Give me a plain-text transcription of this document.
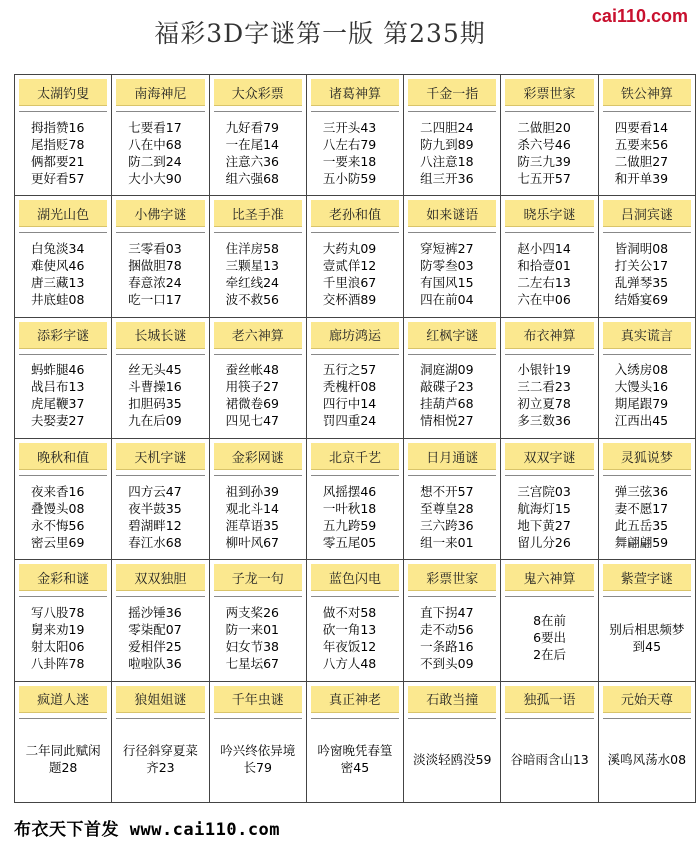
福彩3D字谜第一版 第235期
cai110.com
太湖钓叟
拇指赞16
尾指贬78
俩都要21
更好看57
南海神尼
七要看17
八在中68
防二到24
大小大90
大众彩票
九好看79
一在尾14
注意六36
组六强68
诸葛神算
三开头43
八左右79
一要来18
五小防59
千金一指
二四胆24
防九到89
八注意18
组三开36
彩票世家
二做胆20
杀六号46
防三九39
七五开57
铁公神算
四要看14
五要来56
二做胆27
和开单39
湖光山色
白兔淡34
难使风46
唐三藏13
井底蛙08
小佛字谜
三零看03
捆做胆78
春意浓24
吃一口17
比圣手准
住洋房58
三颗星13
牵红线24
波不救56
老孙和值
大药丸09
壹贰佯12
千里浪67
交杯酒89
如来谜语
穿短裤27
防零叁03
有国风15
四在前04
晓乐字谜
赵小四14
和拾壹01
二左右13
六在中06
吕洞宾谜
皆洞明08
打关公17
乱弹琴35
结婚宴69
添彩字谜
蚂蚱腿46
战吕布13
虎尾鞭37
夫娶妻27
长城长谜
丝无头45
斗曹操16
扣胆码35
九在后09
老六神算
蚕丝帐48
用筷子27
裙微卷69
四见七47
廊坊鸿运
五行之57
秃槐杆08
四行中14
罚四重24
红枫字谜
洞庭湖09
敲碟子23
挂葫芦68
情相悦27
布衣神算
小银针19
三二看23
初立夏78
多三数36
真实谎言
入绣房08
大馒头16
期尾跟79
江西出45
晚秋和值
夜来香16
叠馒头08
永不悔56
密云里69
天机字谜
四方云47
夜半鼓35
碧湖畔12
春江水68
金彩网谜
祖到孙39
观北斗14
涯草语35
柳叶风67
北京千艺
风摇摆46
一叶秋18
五九跨59
零五尾05
日月通谜
想不开57
至尊皇28
三六跨36
组一来01
双双字谜
三宫院03
航海灯15
地下黄27
留儿分26
灵狐说梦
弹三弦36
妻不愿17
此五岳35
舞翩翩59
金彩和谜
写八股78
舅来劝19
射太阳06
八卦阵78
双双独胆
摇沙锤36
零柒配07
爱相伴25
啦啦队36
子龙一句
两支桨26
防一来01
妇女节38
七星坛67
蓝色闪电
做不对58
砍一角13
年夜饭12
八方人48
彩票世家
直下拐47
走不动56
一条路16
不到头09
鬼六神算
8在前
6要出
2在后
紫萱字谜
别后相思频梦
到45
疯道人迷
二年同此赋闲
题28
狼姐姐谜
行径斜穿夏菜
齐23
千年虫谜
吟兴终依异境
长79
真正神老
吟窗晚凭春篁
密45
石敢当撞
淡淡轻鸥没59
独孤一语
谷暗雨含山13
元始天尊
溪鸣风荡水08
布衣天下首发 www.cai110.com
